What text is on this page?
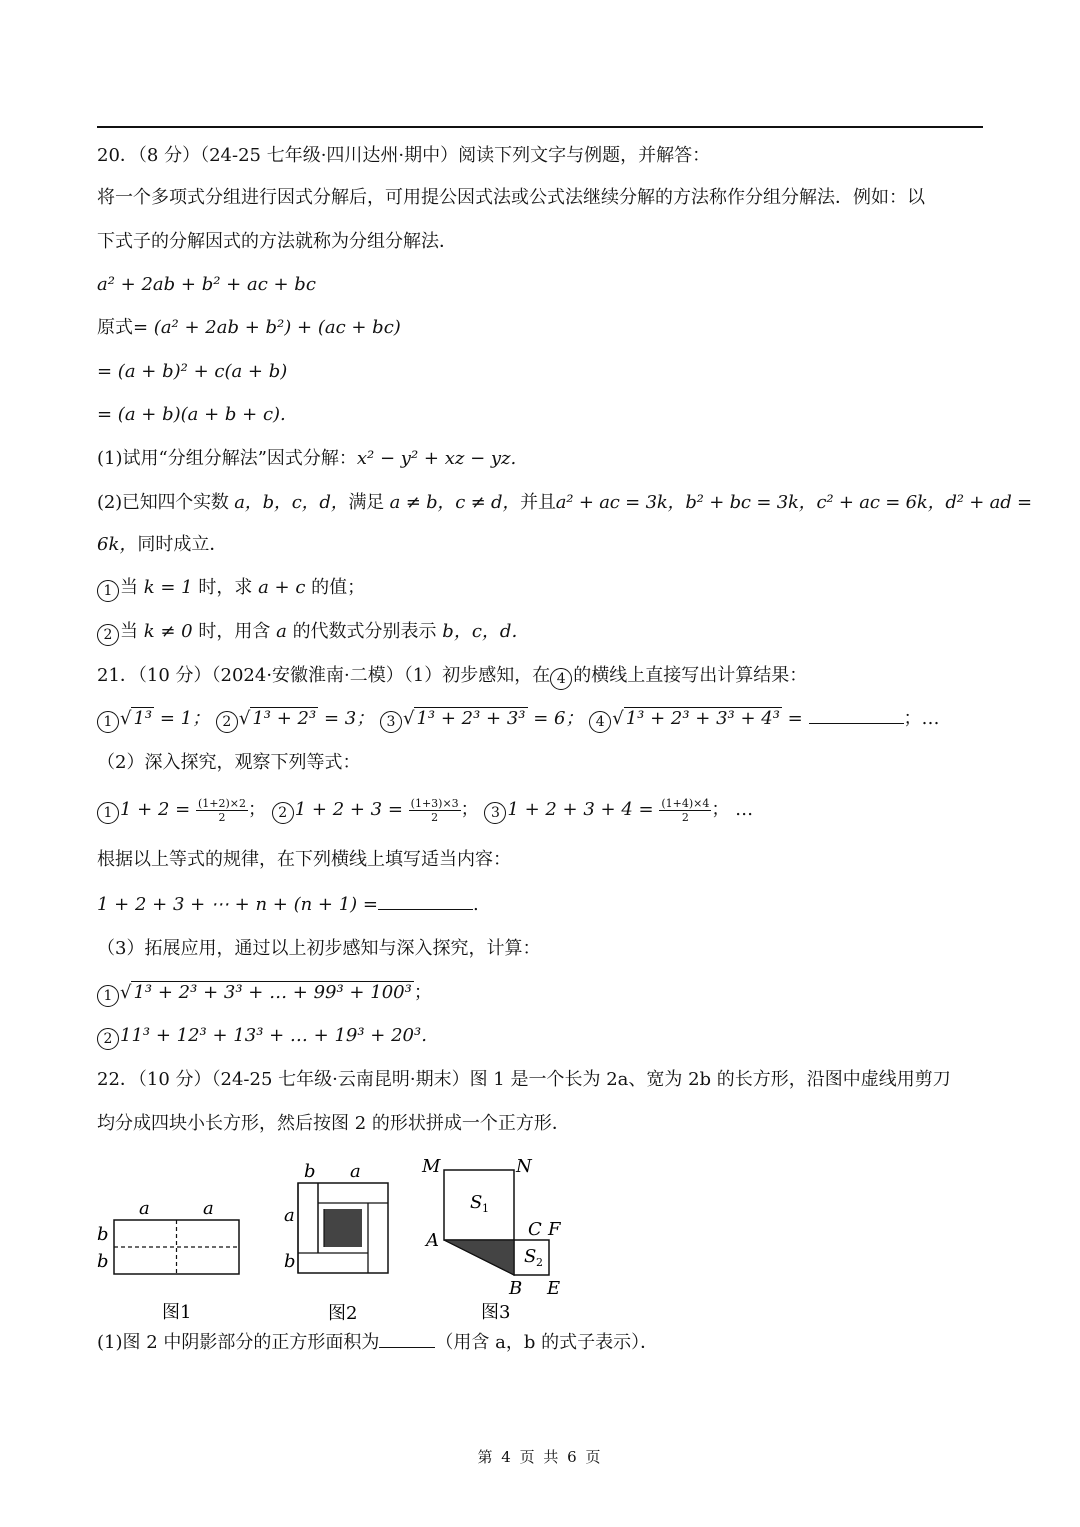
20．（8 分）（24-25 七年级·四川达州·期中）阅读下列文字与例题，并解答：
将一个多项式分组进行因式分解后，可用提公因式法或公式法继续分解的方法称作分组分解法．例如：以
下式子的分解因式的方法就称为分组分解法．
a² + 2ab + b² + ac + bc
原式= (a² + 2ab + b²) + (ac + bc)
= (a + b)² + c(a + b)
= (a + b)(a + b + c).
(1)试用“分组分解法”因式分解：x² − y² + xz − yz.
(2)已知四个实数 a，b，c，d，满足 a ≠ b，c ≠ d，并且a² + ac = 3k，b² + bc = 3k，c² + ac = 6k，d² + ad =
6k，同时成立．
1 当 k = 1 时，求 a + c 的值；
2 当 k ≠ 0 时，用含 a 的代数式分别表示 b，c，d．
21．（10 分）（2024·安徽淮南·二模）（1）初步感知，在 4 的横线上直接写出计算结果：
1 √ 1³ = 1； 2 √ 1³ + 2³ = 3； 3 √ 1³ + 2³ + 3³ = 6； 4 √ 1³ + 2³ + 3³ + 4³ =	；…
（2）深入探究，观察下列等式：
1 $1 + 2 = \frac{(1+2)\times 2}{2}$ ； 2 $1 + 2 + 3 = \frac{(1+3)\times 3}{2}$ ； 3 $1 + 2 + 3 + 4 = \frac{(1+4)\times 4}{2}$ ； …
根据以上等式的规律，在下列横线上填写适当内容：
1 + 2 + 3 + ⋯ + n + (n + 1) =	.
（3）拓展应用，通过以上初步感知与深入探究，计算：
1 √ 1³ + 2³ + 3³ + … + 99³ + 100³ ；
2 11³ + 12³ + 13³ + … + 19³ + 20³.
22．（10 分）（24-25 七年级·云南昆明·期末）图 1 是一个长为 2a、宽为 2b 的长方形，沿图中虚线用剪刀
均分成四块小长方形，然后按图 2 的形状拼成一个正方形．
a	a
b
b
图1
b a
a
b
图2
M	N
S 1
C F
A
S 2
B E
图3
(1)图 2 中阴影部分的正方形面积为	（用含 a，b 的式子表示）．
第 4 页 共 6 页
